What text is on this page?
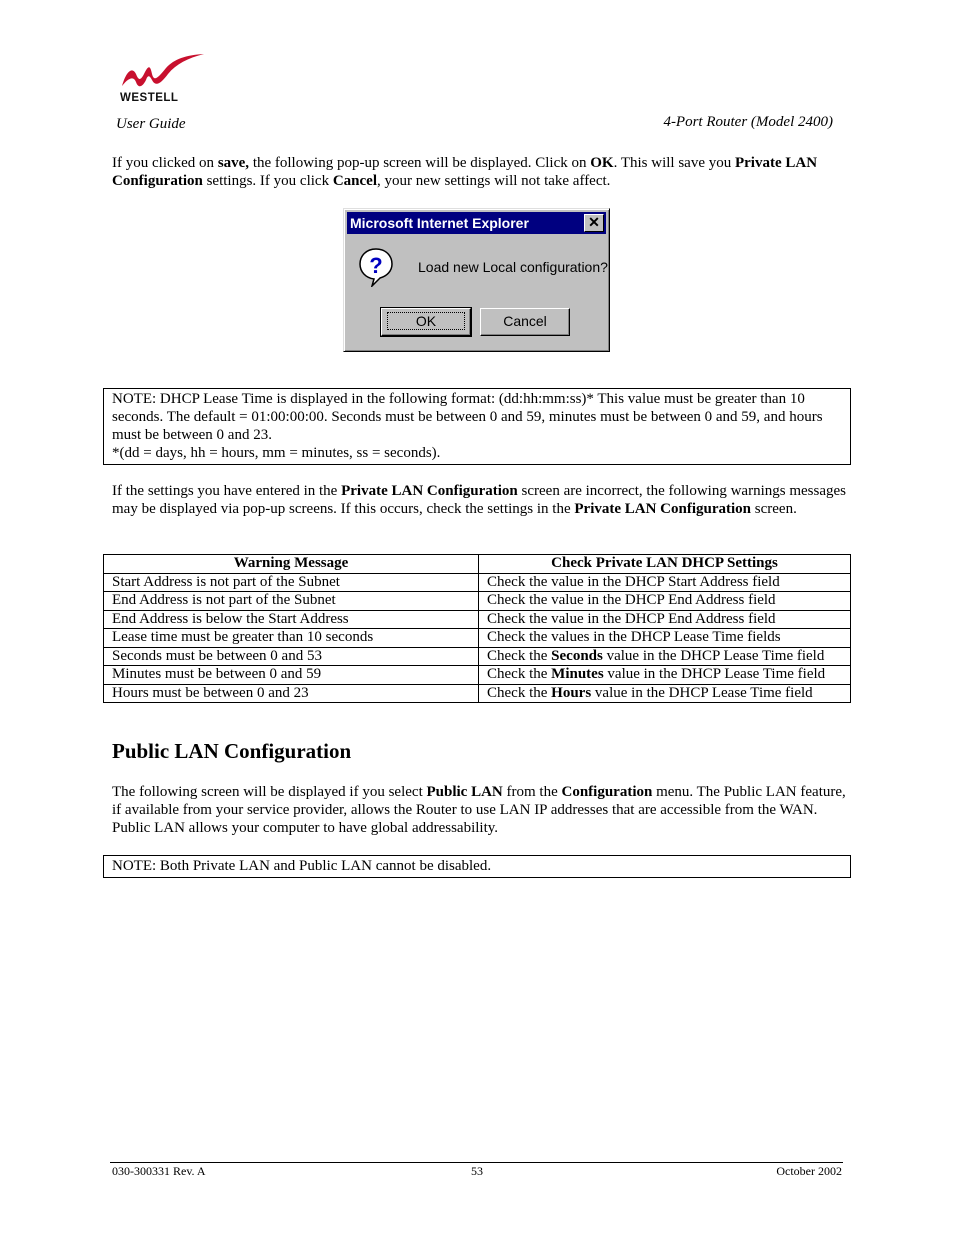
WESTELL
User Guide	4-Port Router (Model 2400)
If you clicked on save, the following pop-up screen will be displayed. Click on OK. This will save you Private LAN Configuration settings. If you click Cancel, your new settings will not take affect.
Microsoft Internet Explorer	✕
?	Load new Local configuration?
OK	Cancel
NOTE: DHCP Lease Time is displayed in the following format: (dd:hh:mm:ss)* This value must be greater than 10 seconds. The default = 01:00:00:00. Seconds must be between 0 and 59, minutes must be between 0 and 59, and hours must be between 0 and 23.
*(dd = days, hh = hours, mm = minutes, ss = seconds).
If the settings you have entered in the Private LAN Configuration screen are incorrect, the following warnings messages may be displayed via pop-up screens. If this occurs, check the settings in the Private LAN Configuration screen.
Warning Message	Check Private LAN DHCP Settings
Start Address is not part of the Subnet	Check the value in the DHCP Start Address field
End Address is not part of the Subnet	Check the value in the DHCP End Address field
End Address is below the Start Address	Check the value in the DHCP End Address field
Lease time must be greater than 10 seconds	Check the values in the DHCP Lease Time fields
Seconds must be between 0 and 53	Check the Seconds value in the DHCP Lease Time field
Minutes must be between 0 and 59	Check the Minutes value in the DHCP Lease Time field
Hours must be between 0 and 23	Check the Hours value in the DHCP Lease Time field
Public LAN Configuration
The following screen will be displayed if you select Public LAN from the Configuration menu. The Public LAN feature, if available from your service provider, allows the Router to use LAN IP addresses that are accessible from the WAN. Public LAN allows your computer to have global addressability.
NOTE: Both Private LAN and Public LAN cannot be disabled.
030-300331 Rev. A	53	October 2002
